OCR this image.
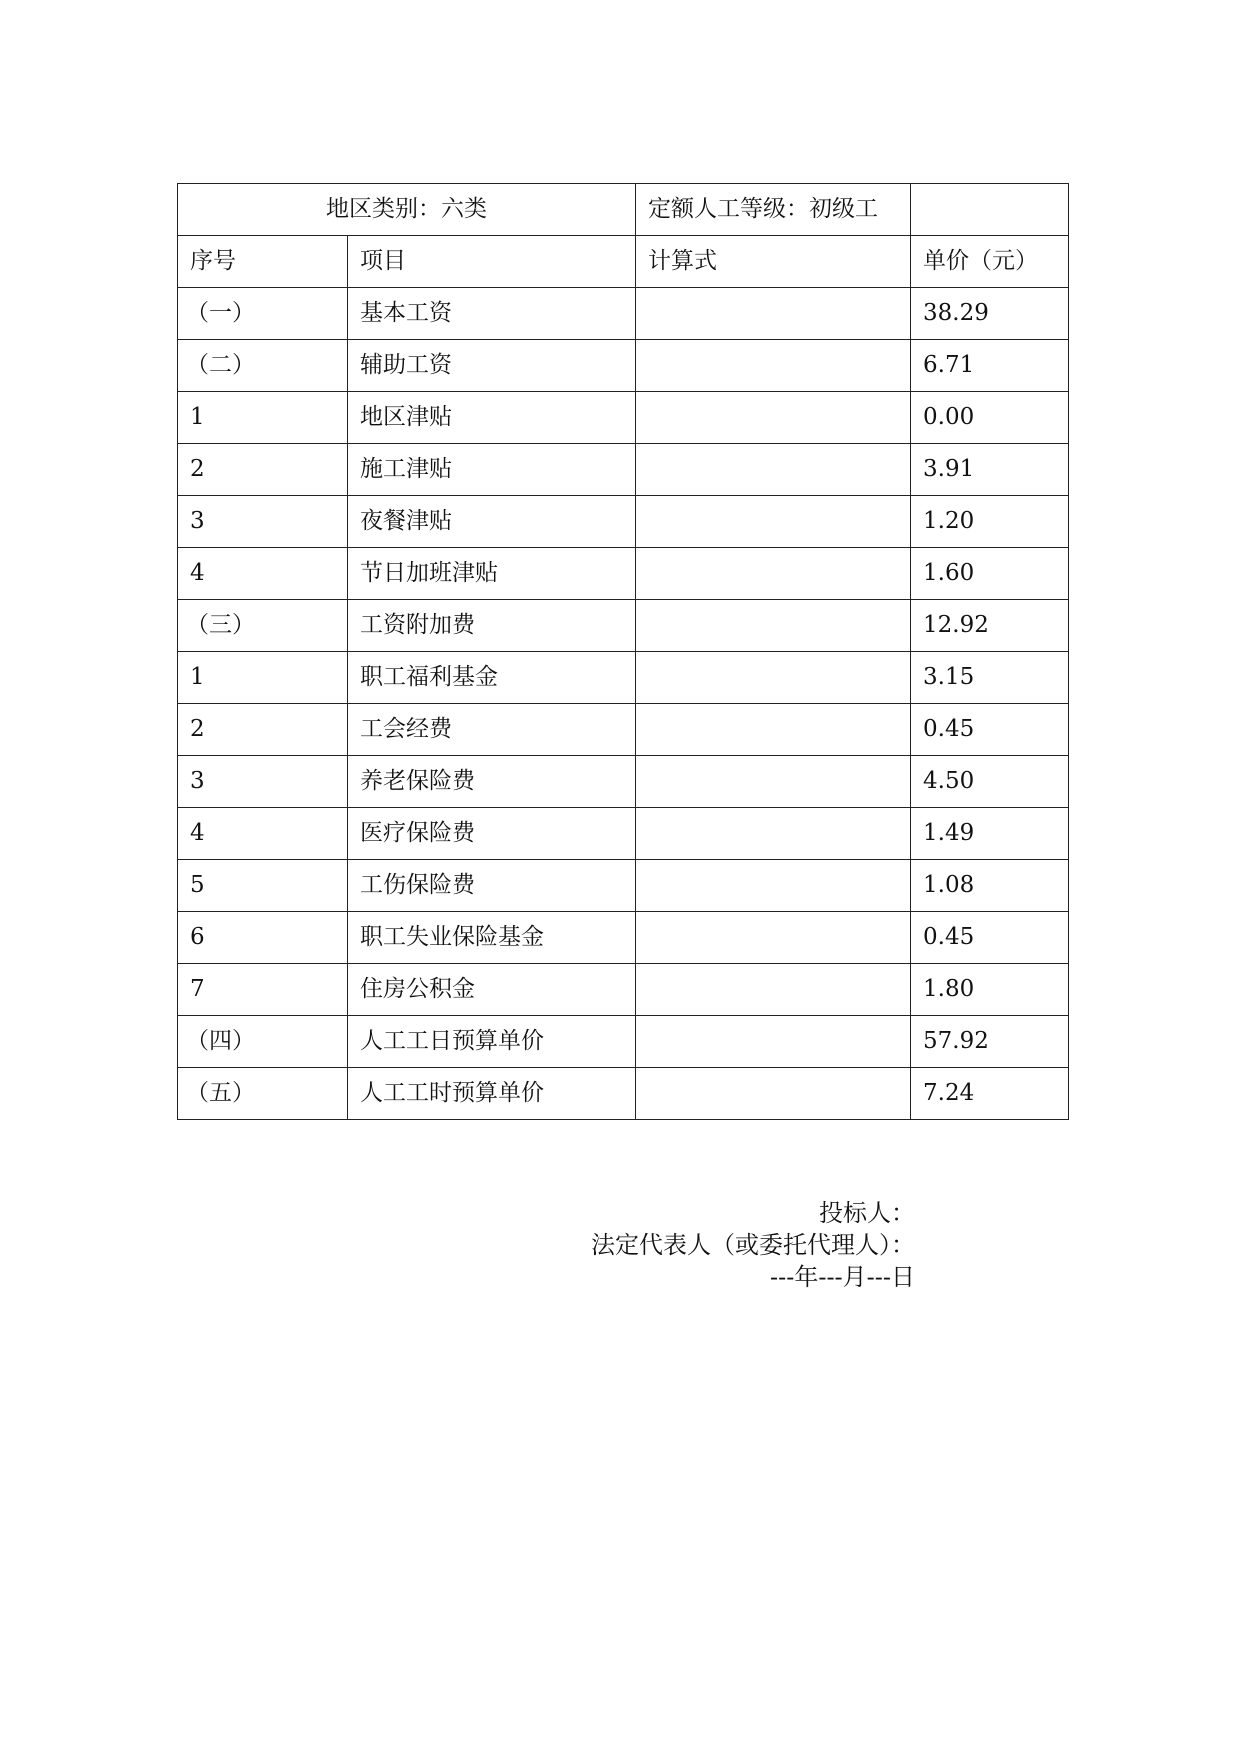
地区类别：六类		定额人工等级：初级工	
序号	项目	计算式	单价（元）
（一）	基本工资		38.29
（二）	辅助工资		6.71
1	地区津贴		0.00
2	施工津贴		3.91
3	夜餐津贴		1.20
4	节日加班津贴		1.60
（三）	工资附加费		12.92
1	职工福利基金		3.15
2	工会经费		0.45
3	养老保险费		4.50
4	医疗保险费		1.49
5	工伤保险费		1.08
6	职工失业保险基金		0.45
7	住房公积金		1.80
（四）	人工工日预算单价		57.92
（五）	人工工时预算单价		7.24
投标人：
法定代表人（或委托代理人）：
---年---月---日
